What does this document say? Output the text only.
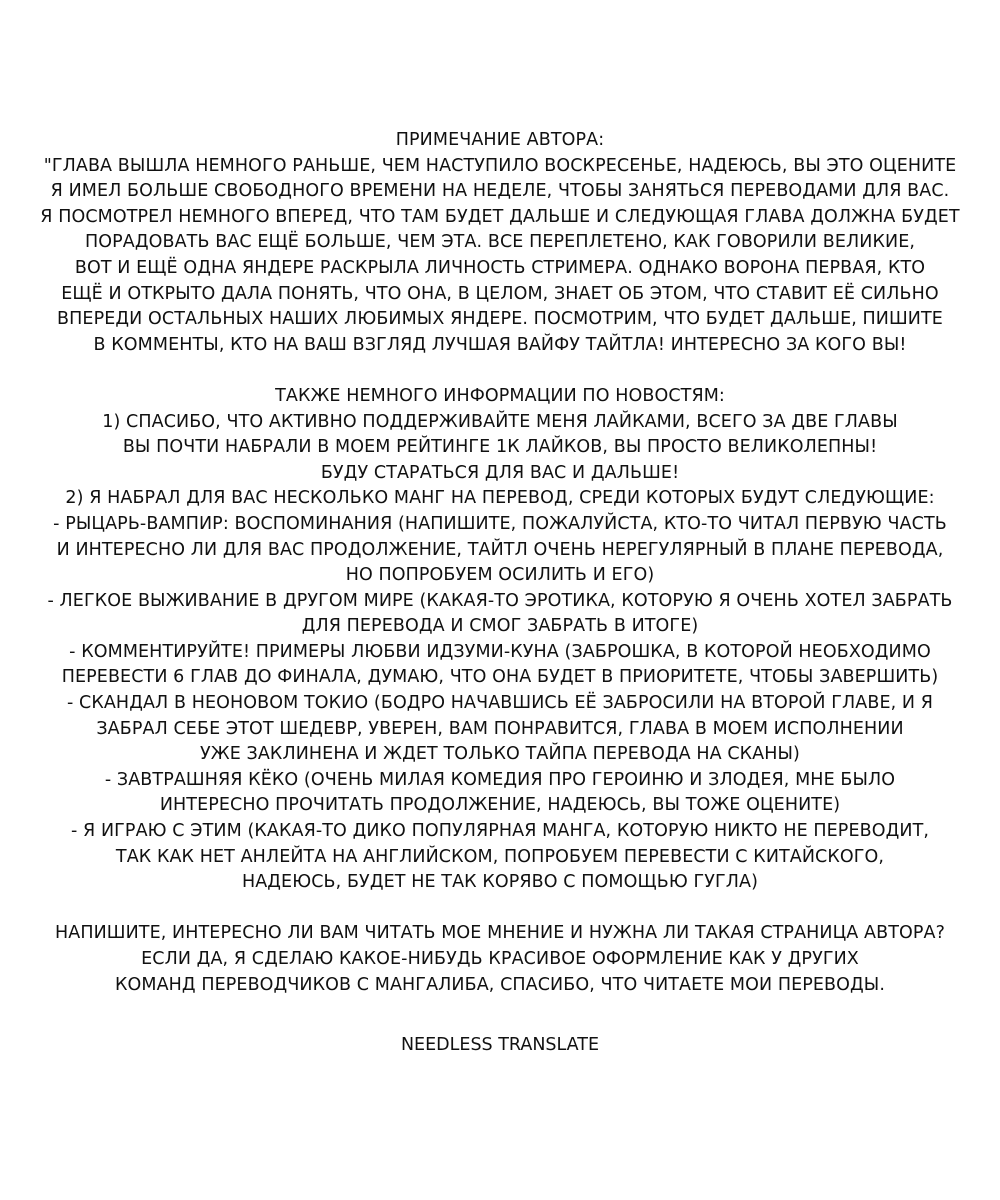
ПРИМЕЧАНИЕ АВТОРА:
"ГЛАВА ВЫШЛА НЕМНОГО РАНЬШЕ, ЧЕМ НАСТУПИЛО ВОСКРЕСЕНЬЕ, НАДЕЮСЬ, ВЫ ЭТО ОЦЕНИТЕ
Я ИМЕЛ БОЛЬШЕ СВОБОДНОГО ВРЕМЕНИ НА НЕДЕЛЕ, ЧТОБЫ ЗАНЯТЬСЯ ПЕРЕВОДАМИ ДЛЯ ВАС.
Я ПОСМОТРЕЛ НЕМНОГО ВПЕРЕД, ЧТО ТАМ БУДЕТ ДАЛЬШЕ И СЛЕДУЮЩАЯ ГЛАВА ДОЛЖНА БУДЕТ
ПОРАДОВАТЬ ВАС ЕЩЁ БОЛЬШЕ, ЧЕМ ЭТА. ВСЕ ПЕРЕПЛЕТЕНО, КАК ГОВОРИЛИ ВЕЛИКИЕ,
ВОТ И ЕЩЁ ОДНА ЯНДЕРЕ РАСКРЫЛА ЛИЧНОСТЬ СТРИМЕРА. ОДНАКО ВОРОНА ПЕРВАЯ, КТО
ЕЩЁ И ОТКРЫТО ДАЛА ПОНЯТЬ, ЧТО ОНА, В ЦЕЛОМ, ЗНАЕТ ОБ ЭТОМ, ЧТО СТАВИТ ЕЁ СИЛЬНО
ВПЕРЕДИ ОСТАЛЬНЫХ НАШИХ ЛЮБИМЫХ ЯНДЕРЕ. ПОСМОТРИМ, ЧТО БУДЕТ ДАЛЬШЕ, ПИШИТЕ
В КОММЕНТЫ, КТО НА ВАШ ВЗГЛЯД ЛУЧШАЯ ВАЙФУ ТАЙТЛА! ИНТЕРЕСНО ЗА КОГО ВЫ!
ТАКЖЕ НЕМНОГО ИНФОРМАЦИИ ПО НОВОСТЯМ:
1) СПАСИБО, ЧТО АКТИВНО ПОДДЕРЖИВАЙТЕ МЕНЯ ЛАЙКАМИ, ВСЕГО ЗА ДВЕ ГЛАВЫ
ВЫ ПОЧТИ НАБРАЛИ В МОЕМ РЕЙТИНГЕ 1К ЛАЙКОВ, ВЫ ПРОСТО ВЕЛИКОЛЕПНЫ!
БУДУ СТАРАТЬСЯ ДЛЯ ВАС И ДАЛЬШЕ!
2) Я НАБРАЛ ДЛЯ ВАС НЕСКОЛЬКО МАНГ НА ПЕРЕВОД, СРЕДИ КОТОРЫХ БУДУТ СЛЕДУЮЩИЕ:
- РЫЦАРЬ-ВАМПИР: ВОСПОМИНАНИЯ (НАПИШИТЕ, ПОЖАЛУЙСТА, КТО-ТО ЧИТАЛ ПЕРВУЮ ЧАСТЬ
И ИНТЕРЕСНО ЛИ ДЛЯ ВАС ПРОДОЛЖЕНИЕ, ТАЙТЛ ОЧЕНЬ НЕРЕГУЛЯРНЫЙ В ПЛАНЕ ПЕРЕВОДА,
НО ПОПРОБУЕМ ОСИЛИТЬ И ЕГО)
- ЛЕГКОЕ ВЫЖИВАНИЕ В ДРУГОМ МИРЕ (КАКАЯ-ТО ЭРОТИКА, КОТОРУЮ Я ОЧЕНЬ ХОТЕЛ ЗАБРАТЬ
ДЛЯ ПЕРЕВОДА И СМОГ ЗАБРАТЬ В ИТОГЕ)
- КОММЕНТИРУЙТЕ! ПРИМЕРЫ ЛЮБВИ ИДЗУМИ-КУНА (ЗАБРОШКА, В КОТОРОЙ НЕОБХОДИМО
ПЕРЕВЕСТИ 6 ГЛАВ ДО ФИНАЛА, ДУМАЮ, ЧТО ОНА БУДЕТ В ПРИОРИТЕТЕ, ЧТОБЫ ЗАВЕРШИТЬ)
- СКАНДАЛ В НЕОНОВОМ ТОКИО (БОДРО НАЧАВШИСЬ ЕЁ ЗАБРОСИЛИ НА ВТОРОЙ ГЛАВЕ, И Я
ЗАБРАЛ СЕБЕ ЭТОТ ШЕДЕВР, УВЕРЕН, ВАМ ПОНРАВИТСЯ, ГЛАВА В МОЕМ ИСПОЛНЕНИИ
УЖЕ ЗАКЛИНЕНА И ЖДЕТ ТОЛЬКО ТАЙПА ПЕРЕВОДА НА СКАНЫ)
- ЗАВТРАШНЯЯ КЁКО (ОЧЕНЬ МИЛАЯ КОМЕДИЯ ПРО ГЕРОИНЮ И ЗЛОДЕЯ, МНЕ БЫЛО
ИНТЕРЕСНО ПРОЧИТАТЬ ПРОДОЛЖЕНИЕ, НАДЕЮСЬ, ВЫ ТОЖЕ ОЦЕНИТЕ)
- Я ИГРАЮ С ЭТИМ (КАКАЯ-ТО ДИКО ПОПУЛЯРНАЯ МАНГА, КОТОРУЮ НИКТО НЕ ПЕРЕВОДИТ,
ТАК КАК НЕТ АНЛЕЙТА НА АНГЛИЙСКОМ, ПОПРОБУЕМ ПЕРЕВЕСТИ С КИТАЙСКОГО,
НАДЕЮСЬ, БУДЕТ НЕ ТАК КОРЯВO С ПОМОЩЬЮ ГУГЛА)
НАПИШИТЕ, ИНТЕРЕСНО ЛИ ВАМ ЧИТАТЬ МОЕ МНЕНИЕ И НУЖНА ЛИ ТАКАЯ СТРАНИЦА АВТОРА?
ЕСЛИ ДА, Я СДЕЛАЮ КАКОЕ-НИБУДЬ КРАСИВОЕ ОФОРМЛЕНИЕ КАК У ДРУГИХ
КОМАНД ПЕРЕВОДЧИКОВ С МАНГАЛИБА, СПАСИБО, ЧТО ЧИТАЕТЕ МОИ ПЕРЕВОДЫ.
NEEDLESS TRANSLATE
